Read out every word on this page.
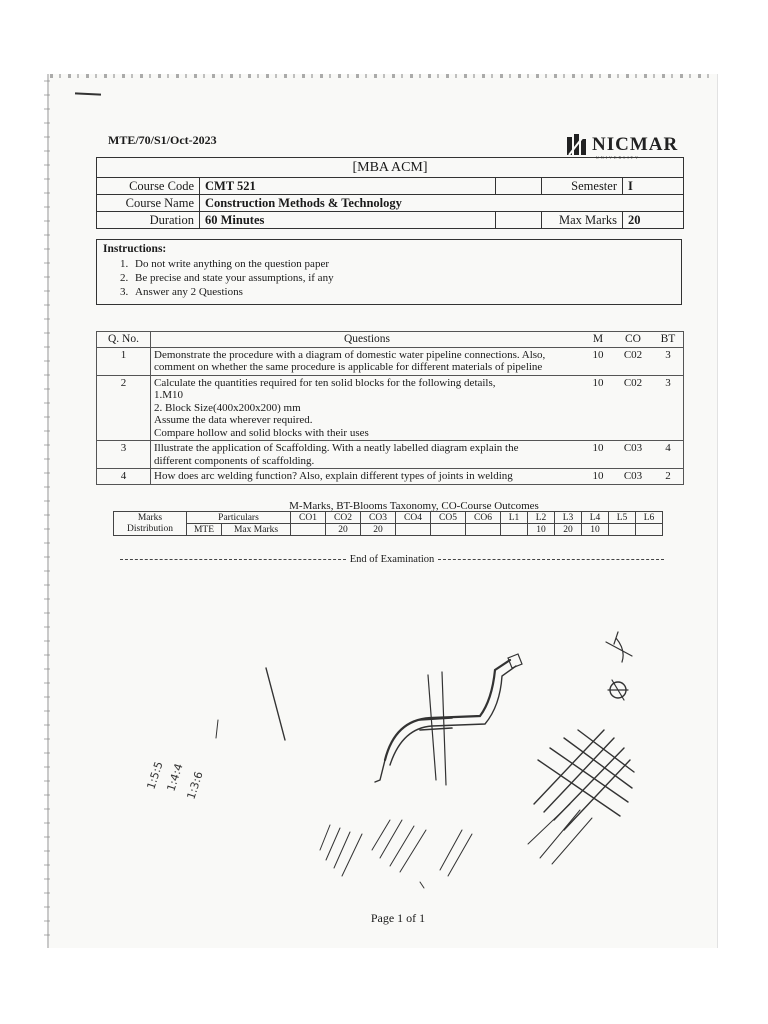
MTE/70/S1/Oct-2023	NICMAR
UNIVERSITY
[MBA ACM]				
Course Code	CMT 521		Semester	I
Course Name	Construction Methods & Technology			
Duration	60 Minutes		Max Marks	20
Instructions:
1. Do not write anything on the question paper
2. Be precise and state your assumptions, if any
3. Answer any 2 Questions
Q. No.	Questions	M	CO	BT
1	Demonstrate the procedure with a diagram of domestic water pipeline connections. Also,
comment on whether the same procedure is applicable for different materials of pipeline	10	C02	3
2	Calculate the quantities required for ten solid blocks for the following details,
1.M10
2. Block Size(400x200x200) mm
Assume the data wherever required.
Compare hollow and solid blocks with their uses	10	C02	3
3	Illustrate the application of Scaffolding. With a neatly labelled diagram explain the
different components of scaffolding.	10	C03	4
4	How does arc welding function? Also, explain different types of joints in welding	10	C03	2
M-Marks, BT-Blooms Taxonomy, CO-Course Outcomes
Marks	Particulars		CO1	CO2	CO3	CO4	CO5	CO6	L1	L2	L3	L4	L5	L6
Distribution	MTE	Max Marks		20	20					10	20	10		
End of Examination
1:5:5
1:4:4
1:3:6
Page 1 of 1
